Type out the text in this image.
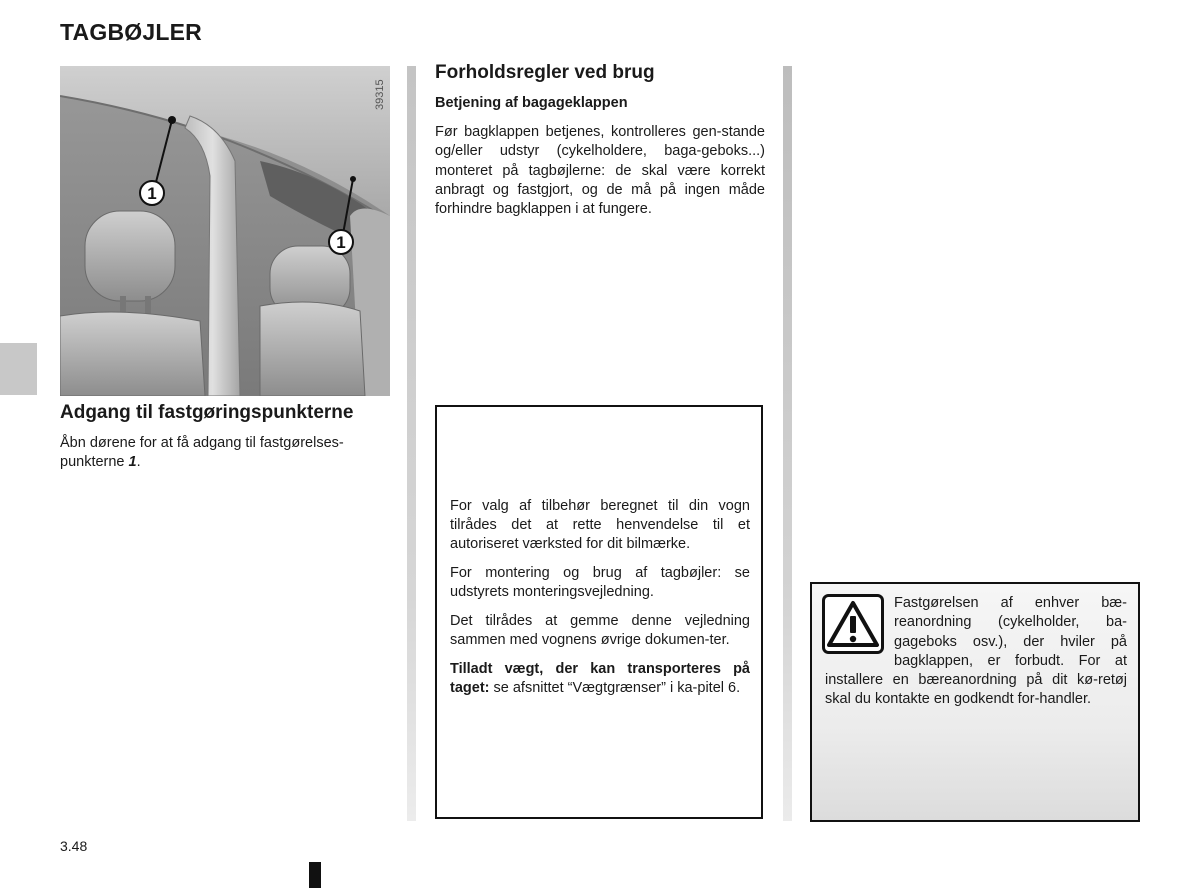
TAGBØJLER
1
1
39315
Adgang til fastgøringspunkterne
Åbn dørene for at få adgang til fastgørelses-punkterne 1.
Forholdsregler ved brug
Betjening af bagageklappen
Før bagklappen betjenes, kontrolleres gen-stande og/eller udstyr (cykelholdere, baga-geboks...) monteret på tagbøjlerne: de skal være korrekt anbragt og fastgjort, og de må på ingen måde forhindre bagklappen i at fungere.

For valg af tilbehør beregnet til din vogn tilrådes det at rette henvendelse til et autoriseret værksted for dit bilmærke.

For montering og brug af tagbøjler: se udstyrets monteringsvejledning.

Det tilrådes at gemme denne vejledning sammen med vognens øvrige dokumen-ter.

Tilladt vægt, der kan transporteres på taget: se afsnittet “Vægtgrænser” i ka-pitel 6.

Fastgørelsen af enhver bæ-reanordning (cykelholder, ba-gageboks osv.), der hviler på bagklappen, er forbudt. For at installere en bæreanordning på dit kø-retøj skal du kontakte en godkendt for-handler.
3.48
